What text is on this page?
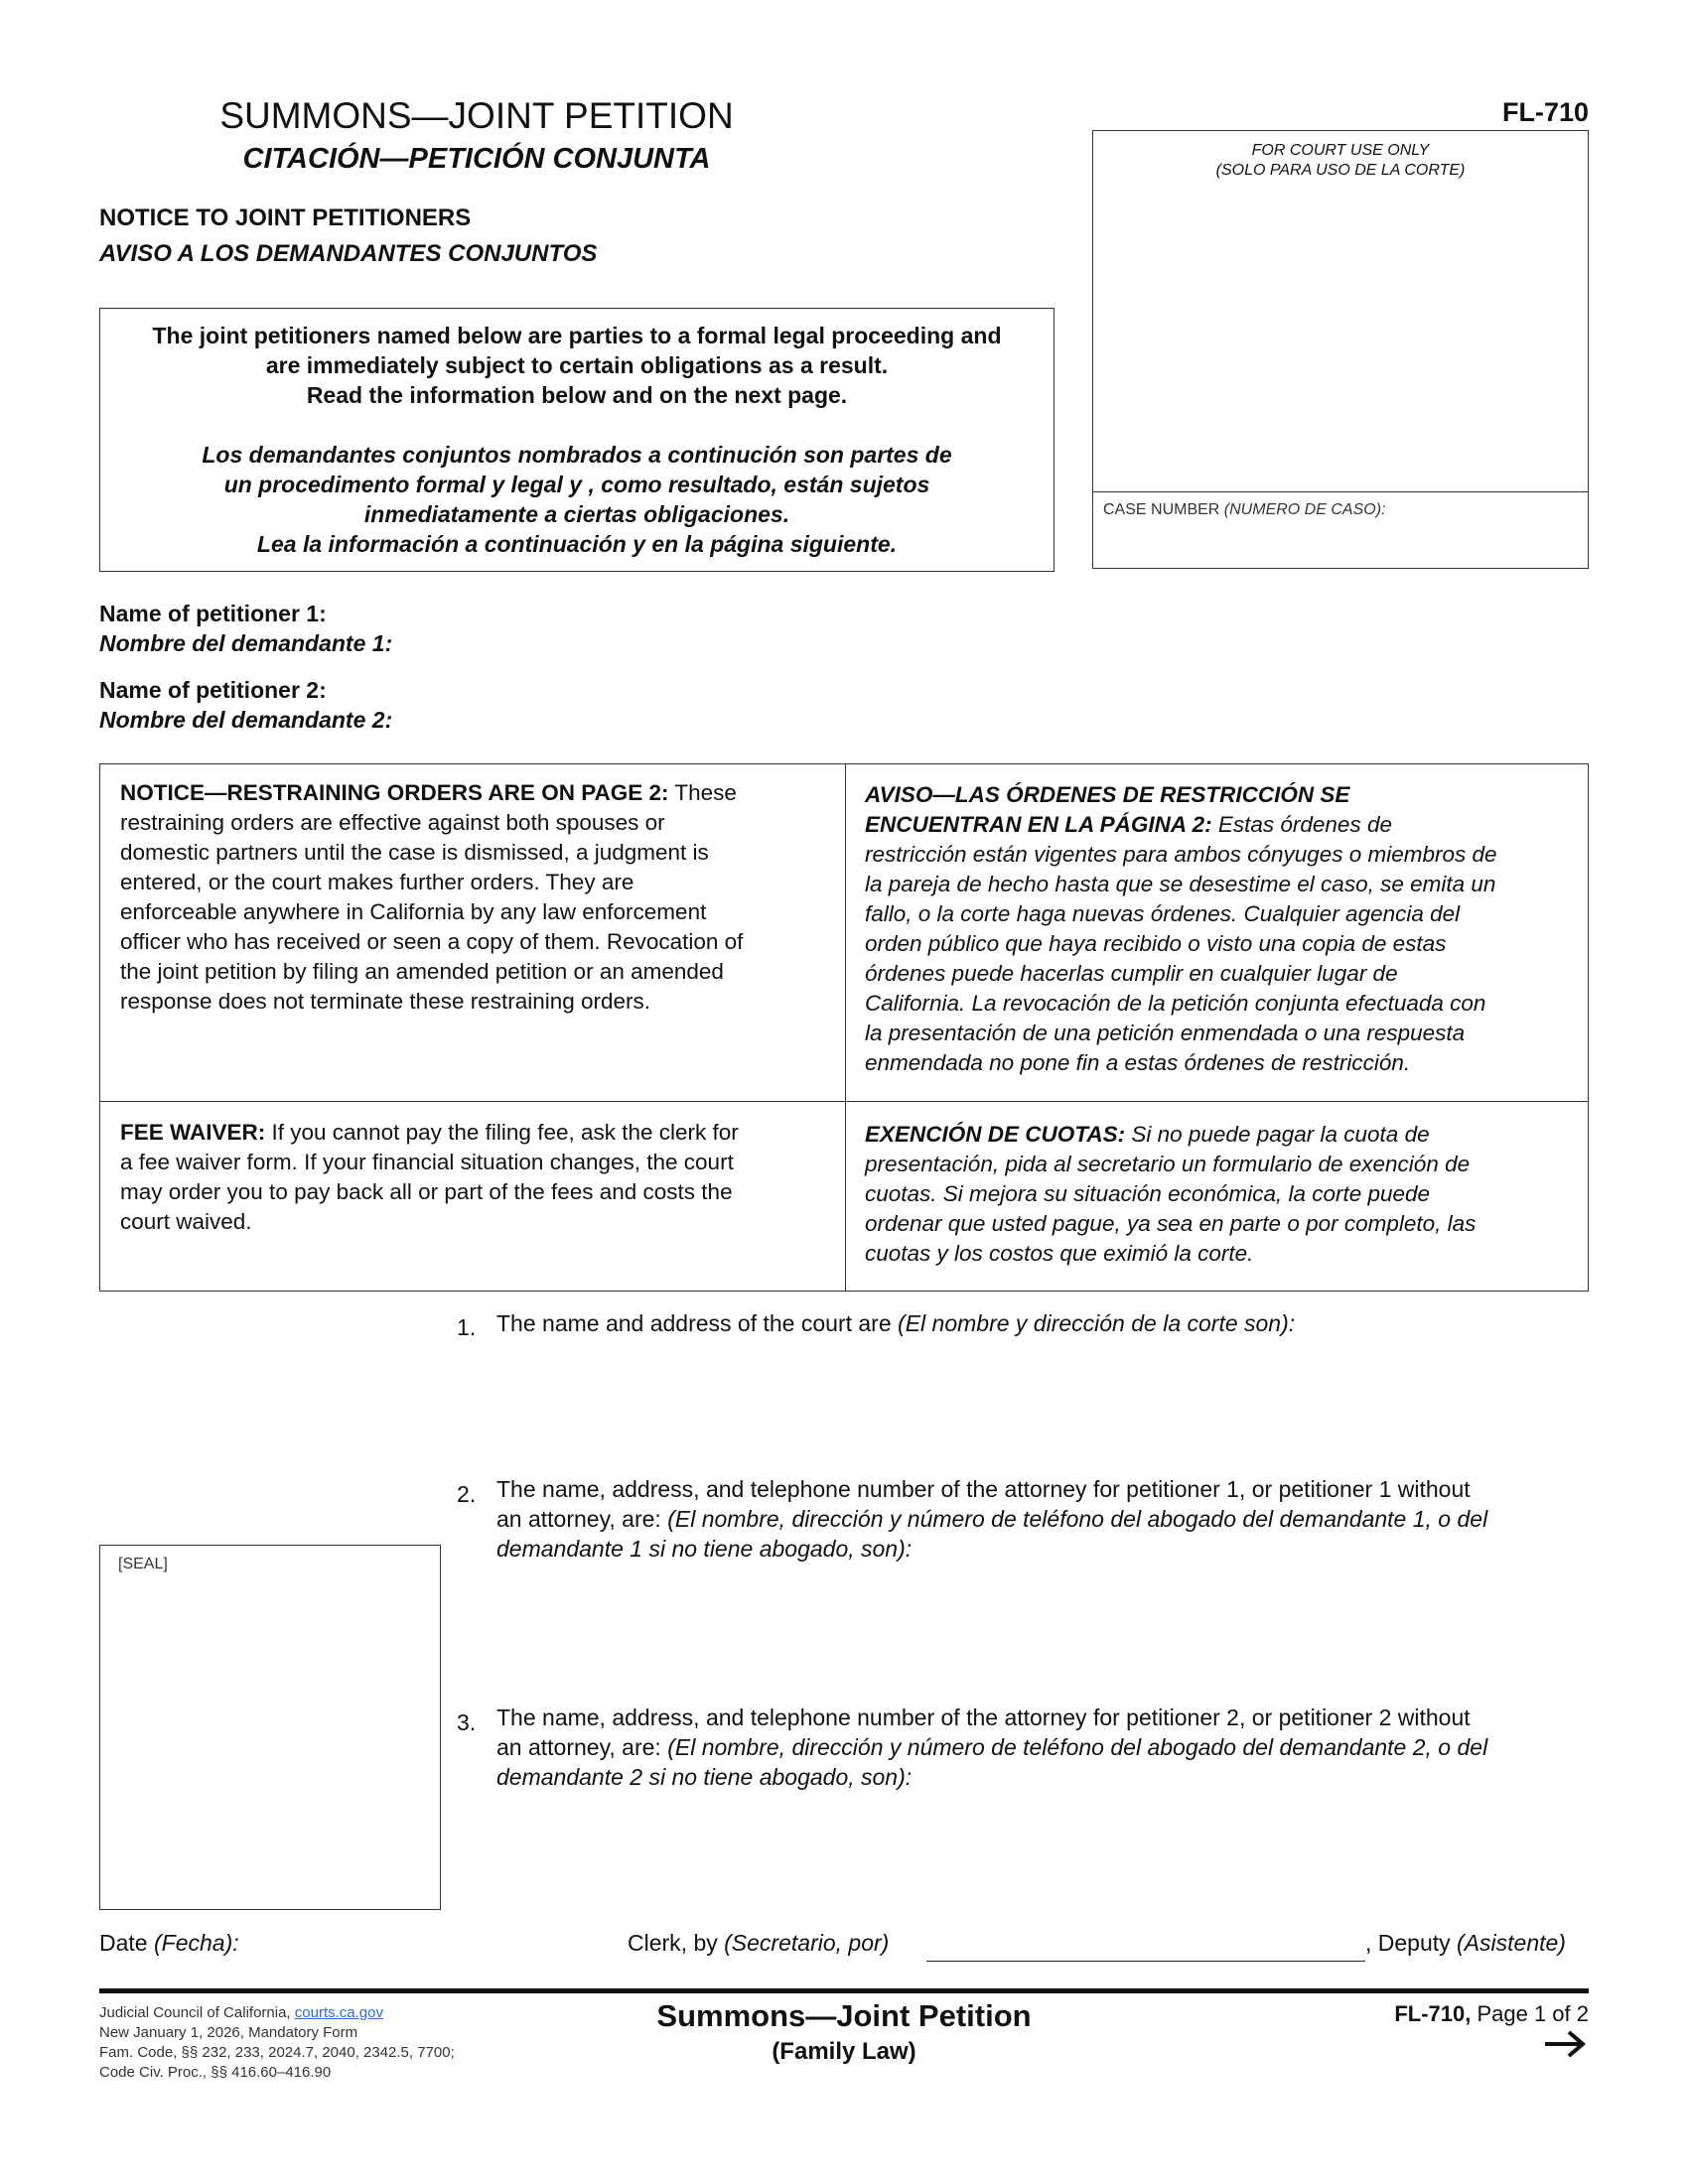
SUMMONS—JOINT PETITION
CITACIÓN—PETICIÓN CONJUNTA
FL-710
FOR COURT USE ONLY
(SOLO PARA USO DE LA CORTE)
CASE NUMBER (NUMERO DE CASO):
NOTICE TO JOINT PETITIONERS
AVISO A LOS DEMANDANTES CONJUNTOS
The joint petitioners named below are parties to a formal legal proceeding and
are immediately subject to certain obligations as a result.
Read the information below and on the next page.
Los demandantes conjuntos nombrados a continución son partes de
un procedimento formal y legal y , como resultado, están sujetos
inmediatamente a ciertas obligaciones.
Lea la información a continuación y en la página siguiente.
Name of petitioner 1:
Nombre del demandante 1:
Name of petitioner 2:
Nombre del demandante 2:
NOTICE—RESTRAINING ORDERS ARE ON PAGE 2: These
restraining orders are effective against both spouses or
domestic partners until the case is dismissed, a judgment is
entered, or the court makes further orders. They are
enforceable anywhere in California by any law enforcement
officer who has received or seen a copy of them. Revocation of
the joint petition by filing an amended petition or an amended
response does not terminate these restraining orders.
AVISO—LAS ÓRDENES DE RESTRICCIÓN SE
ENCUENTRAN EN LA PÁGINA 2: Estas órdenes de
restricción están vigentes para ambos cónyuges o miembros de
la pareja de hecho hasta que se desestime el caso, se emita un
fallo, o la corte haga nuevas órdenes. Cualquier agencia del
orden público que haya recibido o visto una copia de estas
órdenes puede hacerlas cumplir en cualquier lugar de
California. La revocación de la petición conjunta efectuada con
la presentación de una petición enmendada o una respuesta
enmendada no pone fin a estas órdenes de restricción.
FEE WAIVER: If you cannot pay the filing fee, ask the clerk for
a fee waiver form. If your financial situation changes, the court
may order you to pay back all or part of the fees and costs the
court waived.
EXENCIÓN DE CUOTAS: Si no puede pagar la cuota de
presentación, pida al secretario un formulario de exención de
cuotas. Si mejora su situación económica, la corte puede
ordenar que usted pague, ya sea en parte o por completo, las
cuotas y los costos que eximió la corte.
1. The name and address of the court are (El nombre y dirección de la corte son):
2. The name, address, and telephone number of the attorney for petitioner 1, or petitioner 1 without
an attorney, are: (El nombre, dirección y número de teléfono del abogado del demandante 1, o del
demandante 1 si no tiene abogado, son):
3. The name, address, and telephone number of the attorney for petitioner 2, or petitioner 2 without
an attorney, are: (El nombre, dirección y número de teléfono del abogado del demandante 2, o del
demandante 2 si no tiene abogado, son):
[SEAL]
Date (Fecha):	Clerk, by (Secretario, por)	, Deputy (Asistente)
Judicial Council of California, courts.ca.gov
New January 1, 2026, Mandatory Form
Fam. Code, §§ 232, 233, 2024.7, 2040, 2342.5, 7700;
Code Civ. Proc., §§ 416.60–416.90
Summons—Joint Petition
(Family Law)
FL-710, Page 1 of 2
